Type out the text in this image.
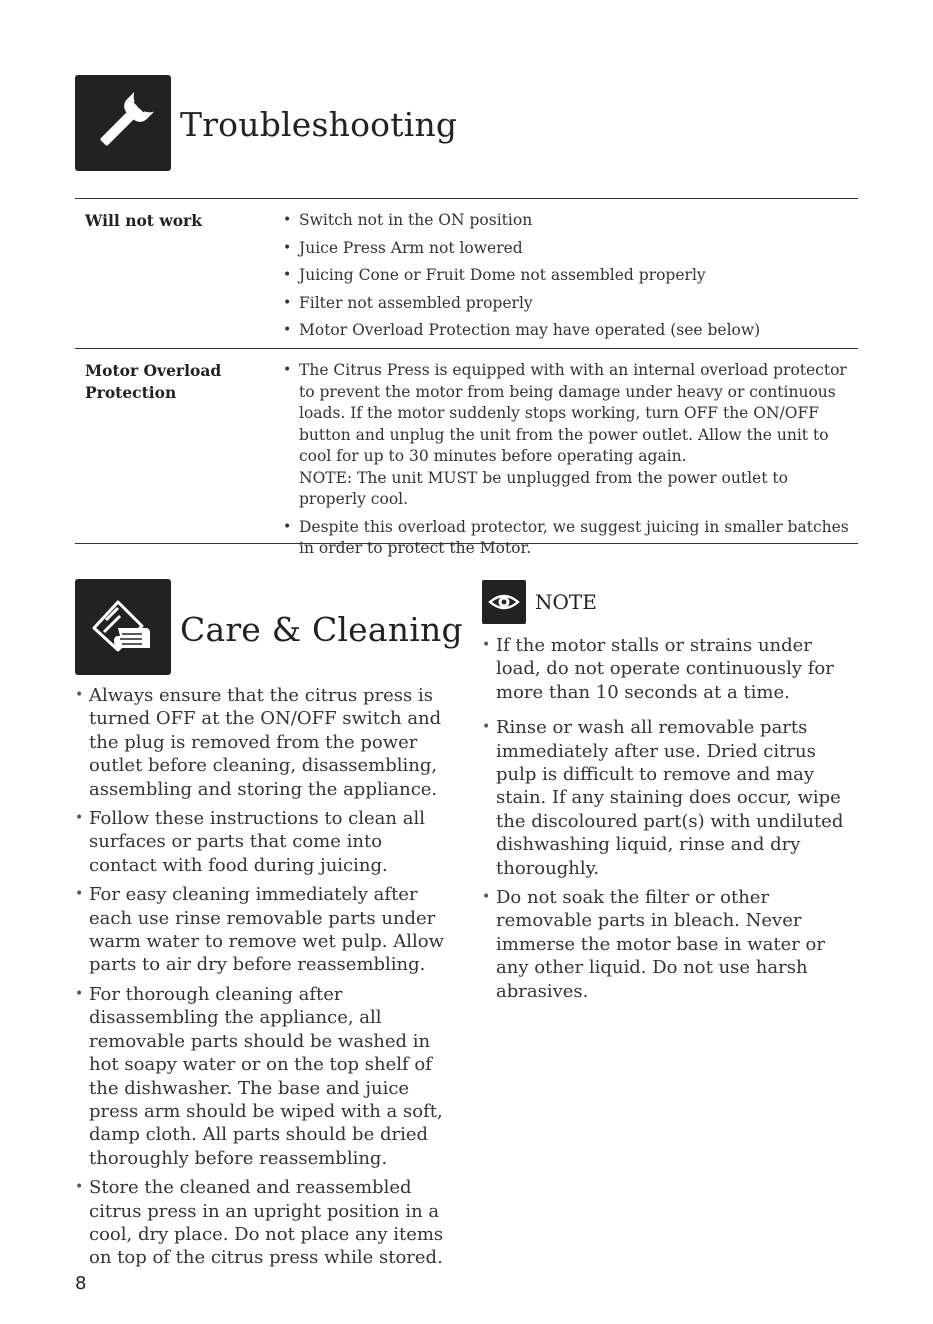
Troubleshooting
Will not work
•	Switch not in the ON position
• Juice Press Arm not lowered
• Juicing Cone or Fruit Dome not assembled properly
• Filter not assembled properly
• Motor Overload Protection may have operated (see below)
Motor Overload Protection
• The Citrus Press is equipped with with an internal overload protector to prevent the motor from being damage under heavy or continuous loads. If the motor suddenly stops working, turn OFF the ON/OFF button and unplug the unit from the power outlet. Allow the unit to cool for up to 30 minutes before operating again.
NOTE: The unit MUST be unplugged from the power outlet to properly cool.
• Despite this overload protector, we suggest juicing in smaller batches in order to protect the Motor.
Care & Cleaning
• Always ensure that the citrus press is turned OFF at the ON/OFF switch and the plug is removed from the power outlet before cleaning, disassembling, assembling and storing the appliance.
• Follow these instructions to clean all surfaces or parts that come into contact with food during juicing.
• For easy cleaning immediately after each use rinse removable parts under warm water to remove wet pulp. Allow parts to air dry before reassembling.
• For thorough cleaning after disassembling the appliance, all removable parts should be washed in hot soapy water or on the top shelf of the dishwasher. The base and juice press arm should be wiped with a soft, damp cloth. All parts should be dried thoroughly before reassembling.
• Store the cleaned and reassembled citrus press in an upright position in a cool, dry place. Do not place any items on top of the citrus press while stored.
NOTE
• If the motor stalls or strains under load, do not operate continuously for more than 10 seconds at a time.
• Rinse or wash all removable parts immediately after use. Dried citrus pulp is difficult to remove and may stain. If any staining does occur, wipe the discoloured part(s) with undiluted dishwashing liquid, rinse and dry thoroughly.
• Do not soak the filter or other removable parts in bleach. Never immerse the motor base in water or any other liquid. Do not use harsh abrasives.
8
